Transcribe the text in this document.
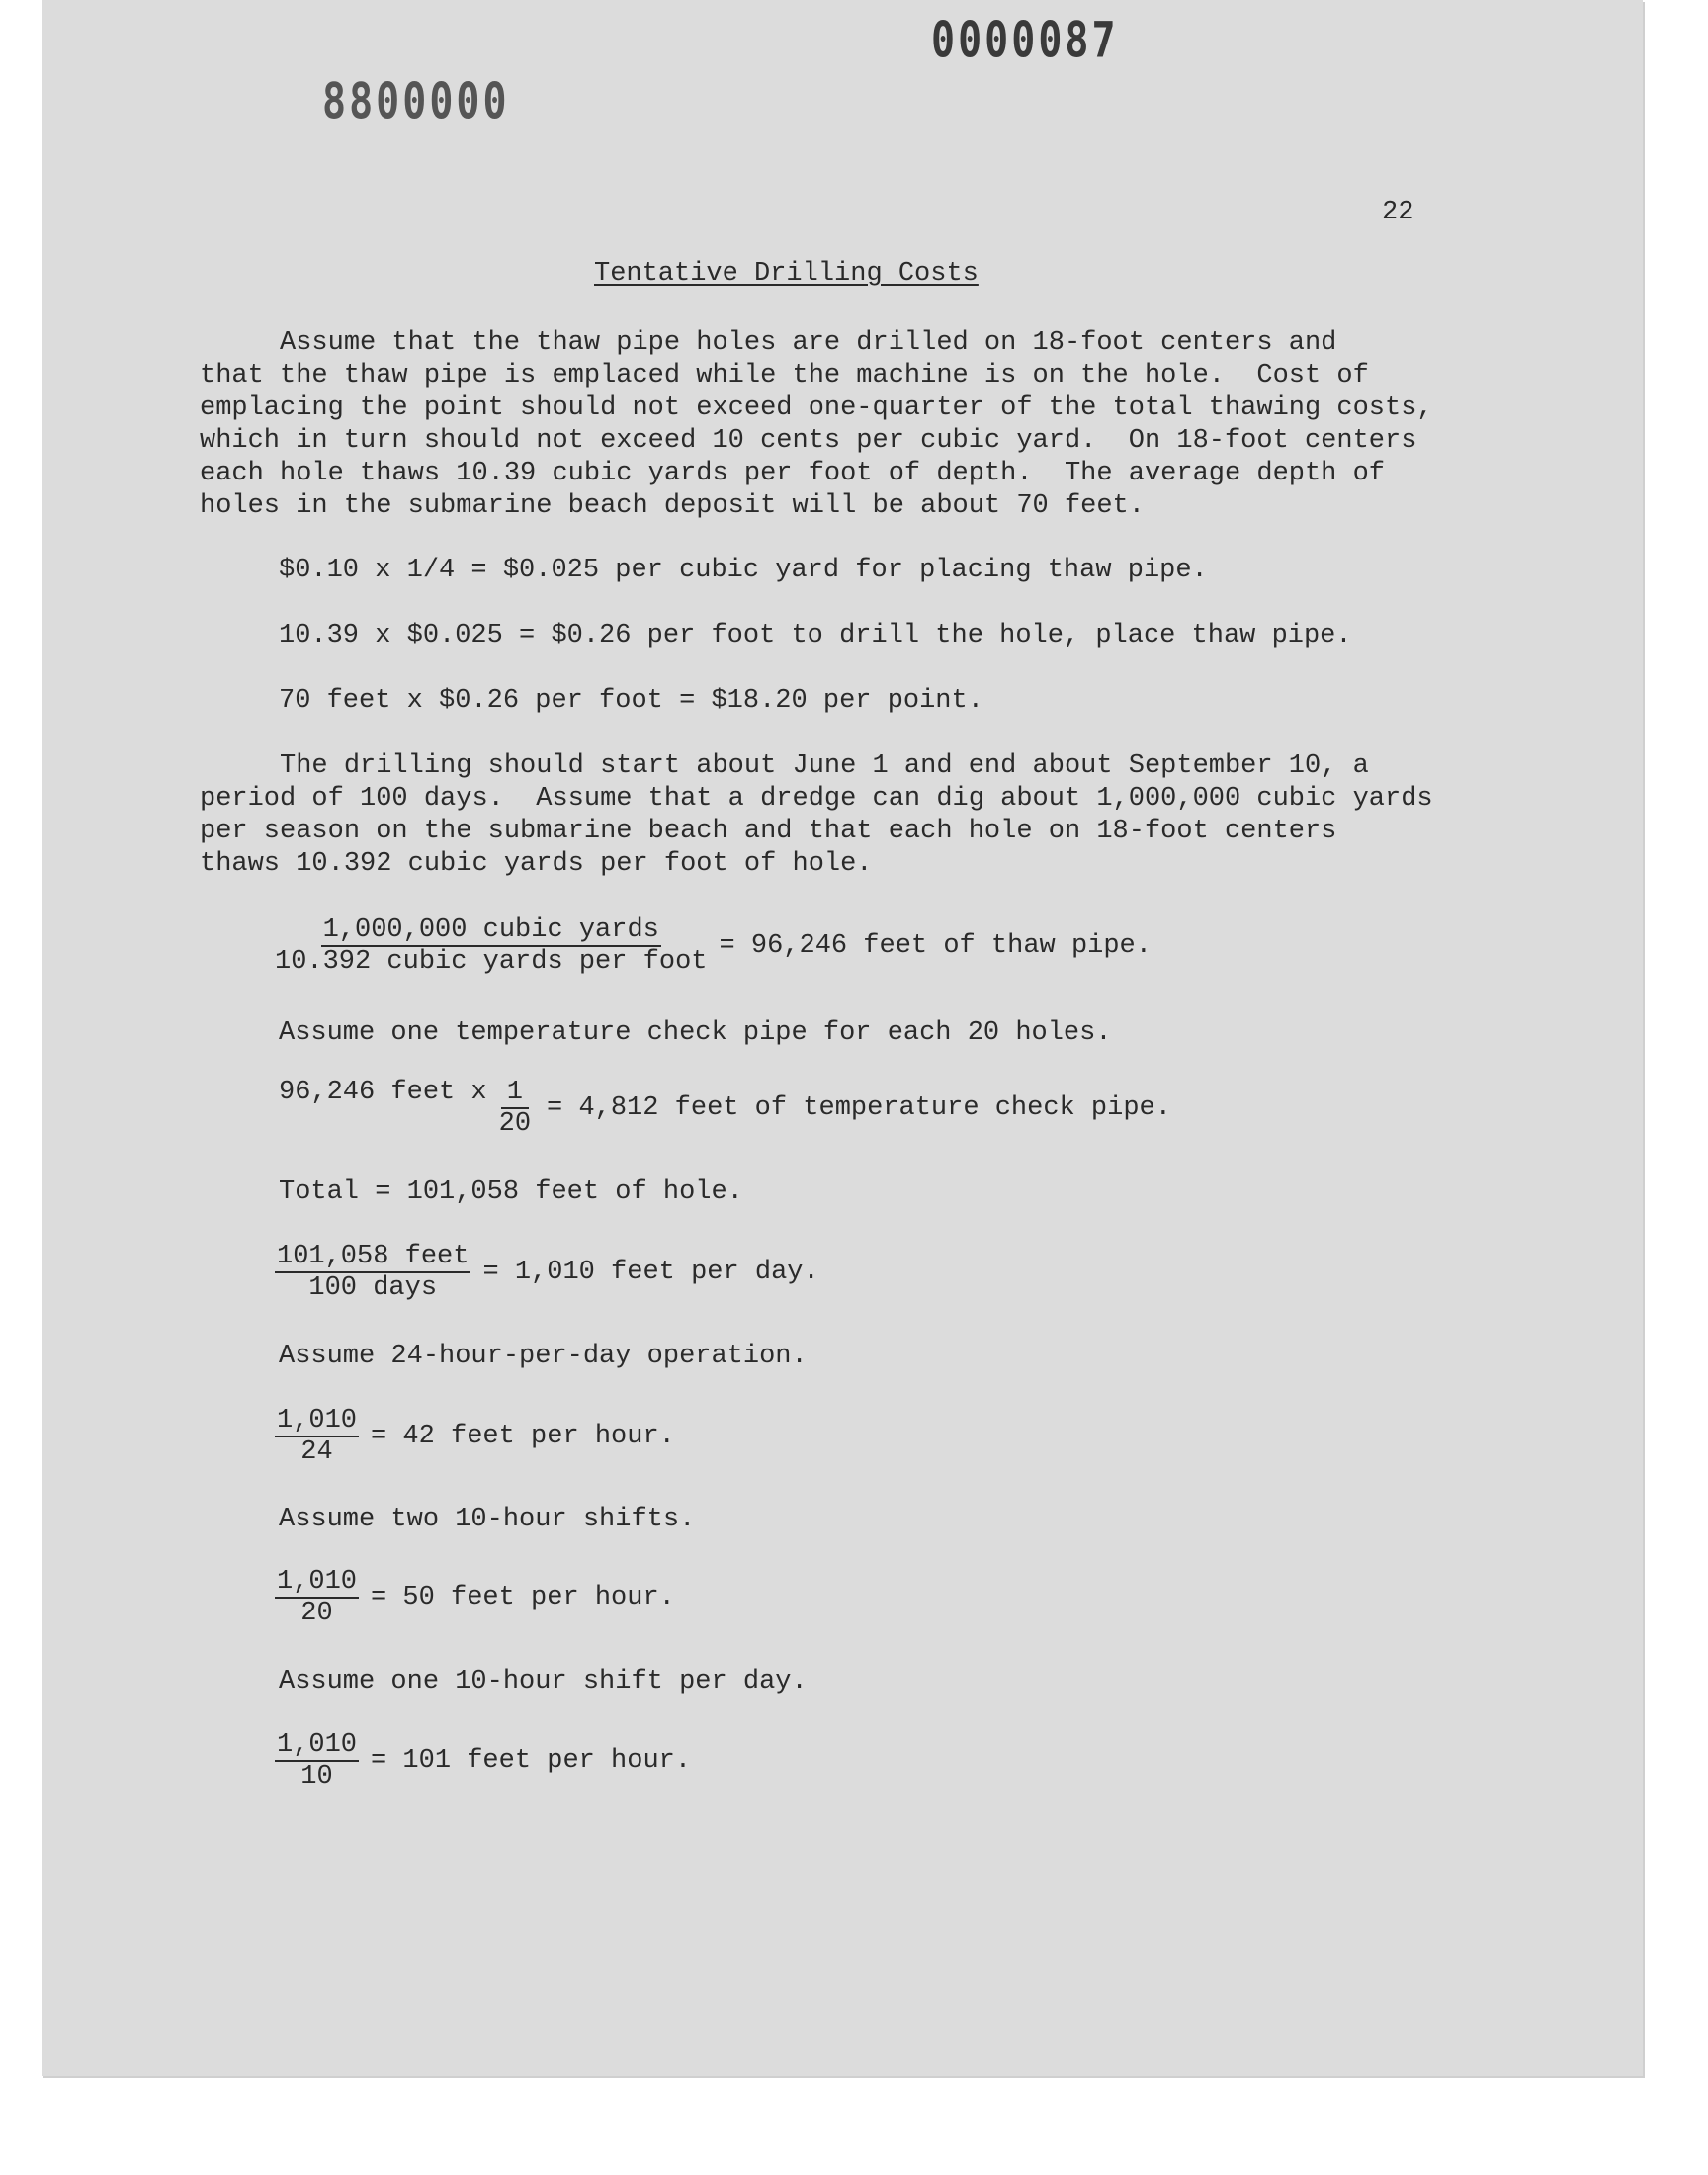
0000087
8800000
22
Tentative Drilling Costs

Assume that the thaw pipe holes are drilled on 18-foot centers and
that the thaw pipe is emplaced while the machine is on the hole.  Cost of
emplacing the point should not exceed one-quarter of the total thawing costs,
which in turn should not exceed 10 cents per cubic yard.  On 18-foot centers
each hole thaws 10.39 cubic yards per foot of depth.  The average depth of
holes in the submarine beach deposit will be about 70 feet.

$0.10 x 1/4 = $0.025 per cubic yard for placing thaw pipe.
10.39 x $0.025 = $0.26 per foot to drill the hole, place thaw pipe.
70 feet x $0.26 per foot = $18.20 per point.

The drilling should start about June 1 and end about September 10, a
period of 100 days.  Assume that a dredge can dig about 1,000,000 cubic yards
per season on the submarine beach and that each hole on 18-foot centers
thaws 10.392 cubic yards per foot of hole.

$\frac{\text{1,000,000 cubic yards}}{\text{10.392 cubic yards per foot}} = 96,246$ feet of thaw pipe.
Assume one temperature check pipe for each 20 holes.
96,246 feet x $\frac{1}{20} = 4,812$ feet of temperature check pipe.
Total = 101,058 feet of hole.
$\frac{\text{101,058 feet}}{\text{100 days}} = 1,010$ feet per day.
Assume 24-hour-per-day operation.
$\frac{1,010}{24} = 42$ feet per hour.
Assume two 10-hour shifts.
$\frac{1,010}{20} = 50$ feet per hour.
Assume one 10-hour shift per day.
$\frac{1,010}{10} = 101$ feet per hour.
